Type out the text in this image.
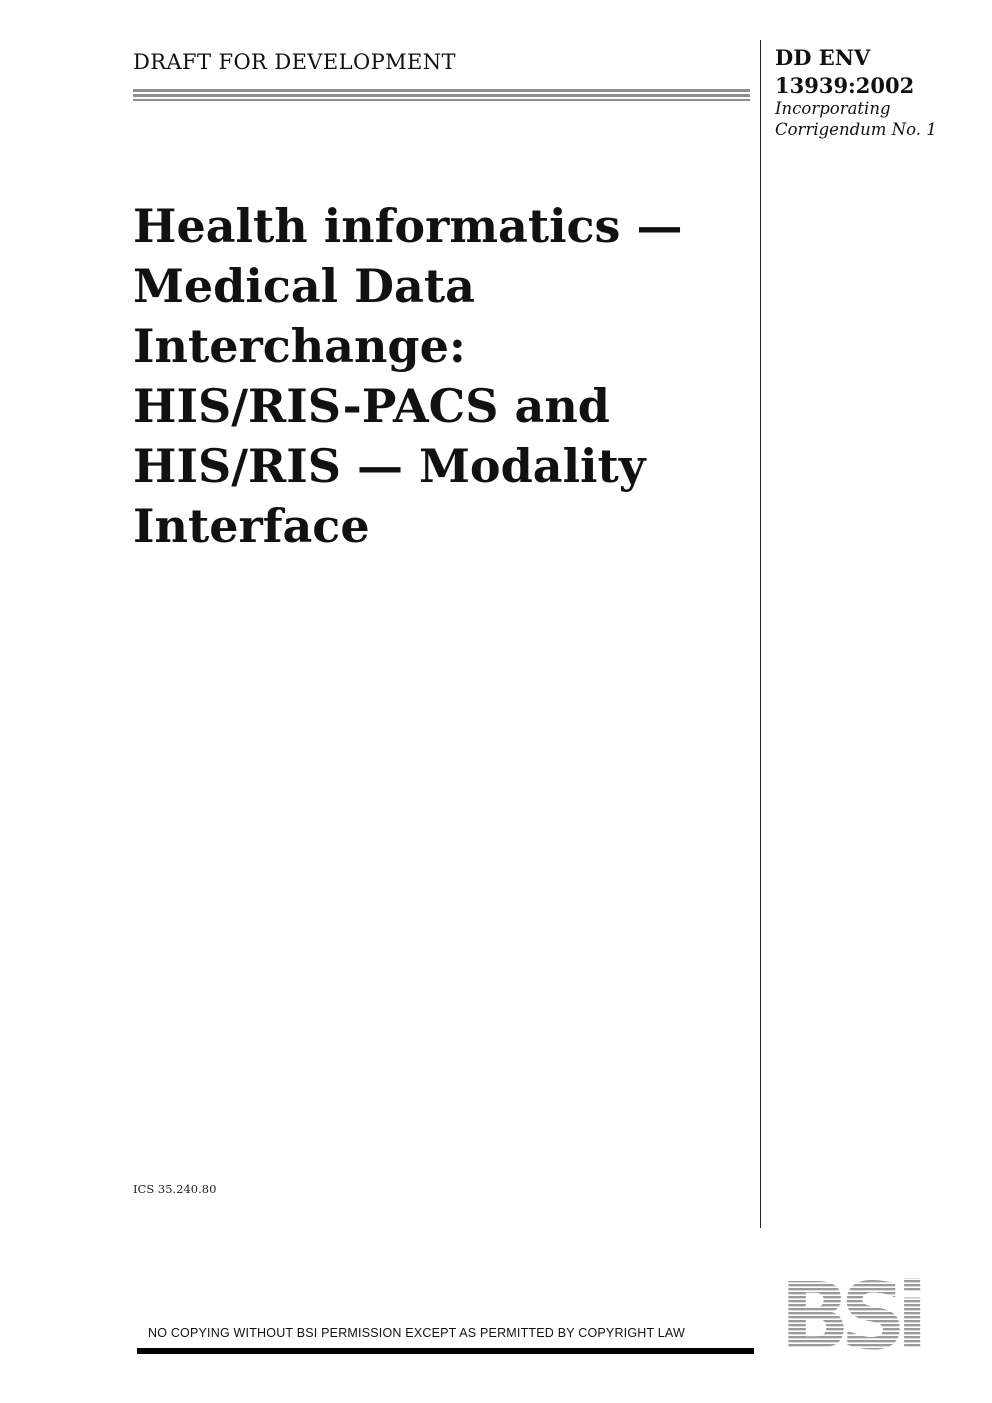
DRAFT FOR DEVELOPMENT	DD ENV
13939:2002
Incorporating
Corrigendum No. 1
Health informatics —
Medical Data
Interchange:
HIS/RIS-PACS and
HIS/RIS — Modality
Interface
ICS 35.240.80
NO COPYING WITHOUT BSI PERMISSION EXCEPT AS PERMITTED BY COPYRIGHT LAW	BSi
